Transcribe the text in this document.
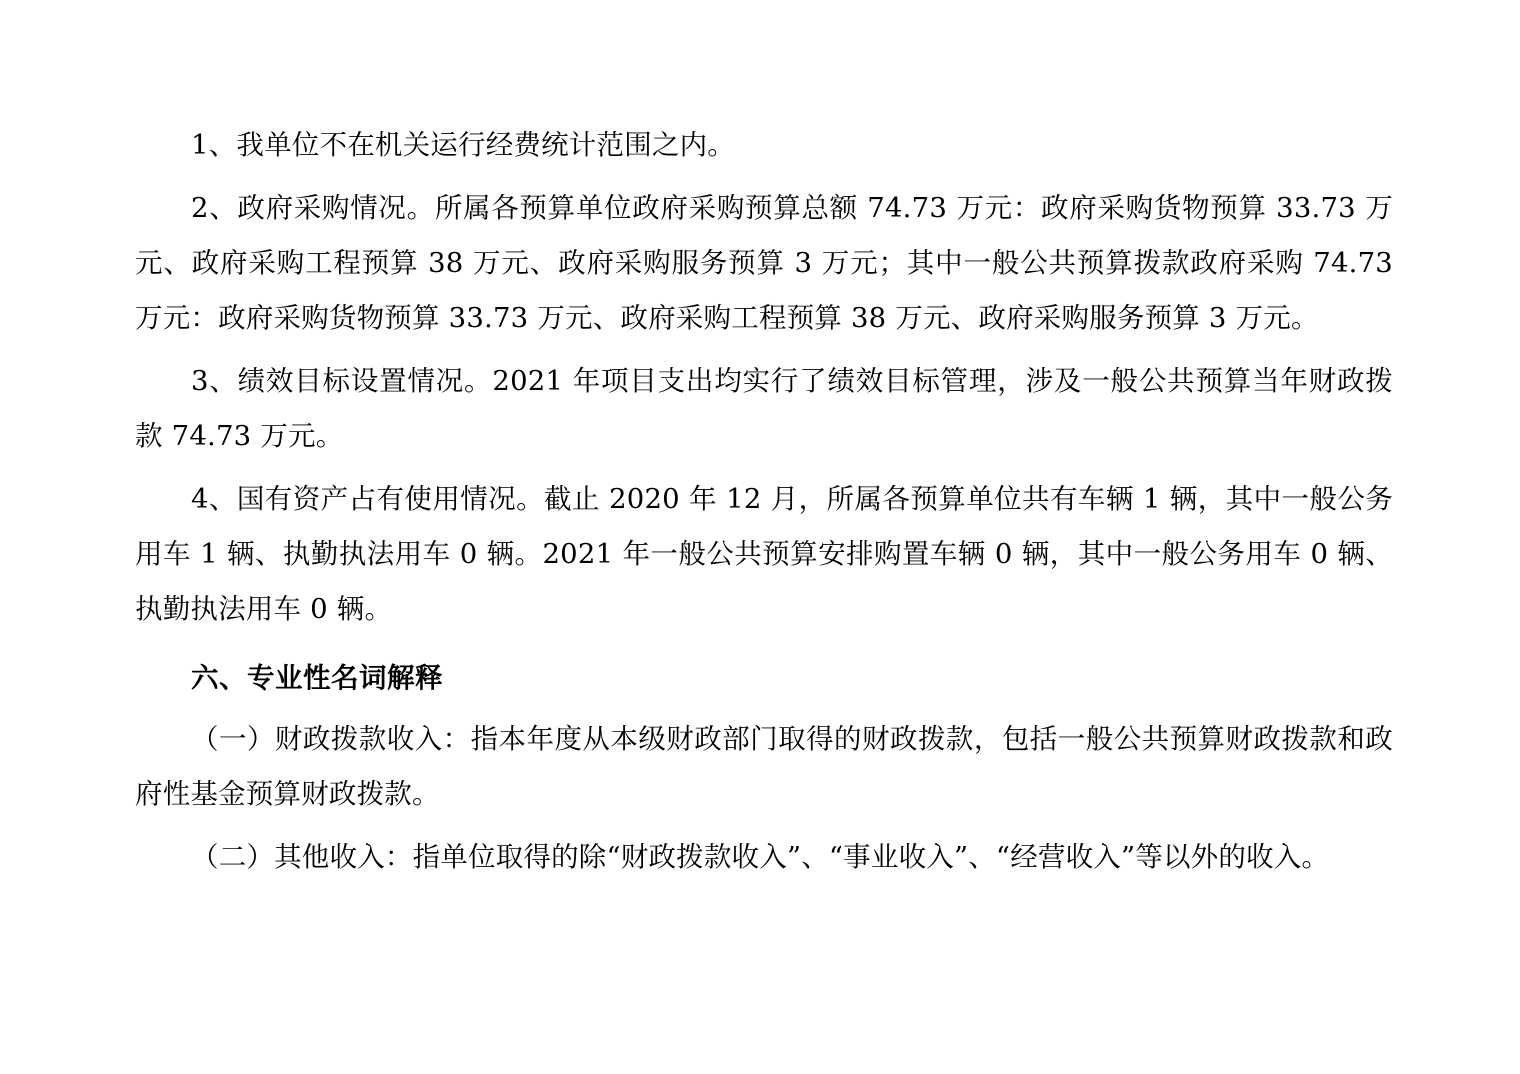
1、我单位不在机关运行经费统计范围之内。

2、政府采购情况。所属各预算单位政府采购预算总额 74.73 万元：政府采购货物预算 33.73 万元、政府采购工程预算 38 万元、政府采购服务预算 3 万元；其中一般公共预算拨款政府采购 74.73 万元：政府采购货物预算 33.73 万元、政府采购工程预算 38 万元、政府采购服务预算 3 万元。

3、绩效目标设置情况。2021 年项目支出均实行了绩效目标管理，涉及一般公共预算当年财政拨款 74.73 万元。

4、国有资产占有使用情况。截止 2020 年 12 月，所属各预算单位共有车辆 1 辆，其中一般公务用车 1 辆、执勤执法用车 0 辆。2021 年一般公共预算安排购置车辆 0 辆，其中一般公务用车 0 辆、执勤执法用车 0 辆。

六、专业性名词解释

（一）财政拨款收入：指本年度从本级财政部门取得的财政拨款，包括一般公共预算财政拨款和政府性基金预算财政拨款。

（二）其他收入：指单位取得的除“财政拨款收入”、“事业收入”、“经营收入”等以外的收入。
